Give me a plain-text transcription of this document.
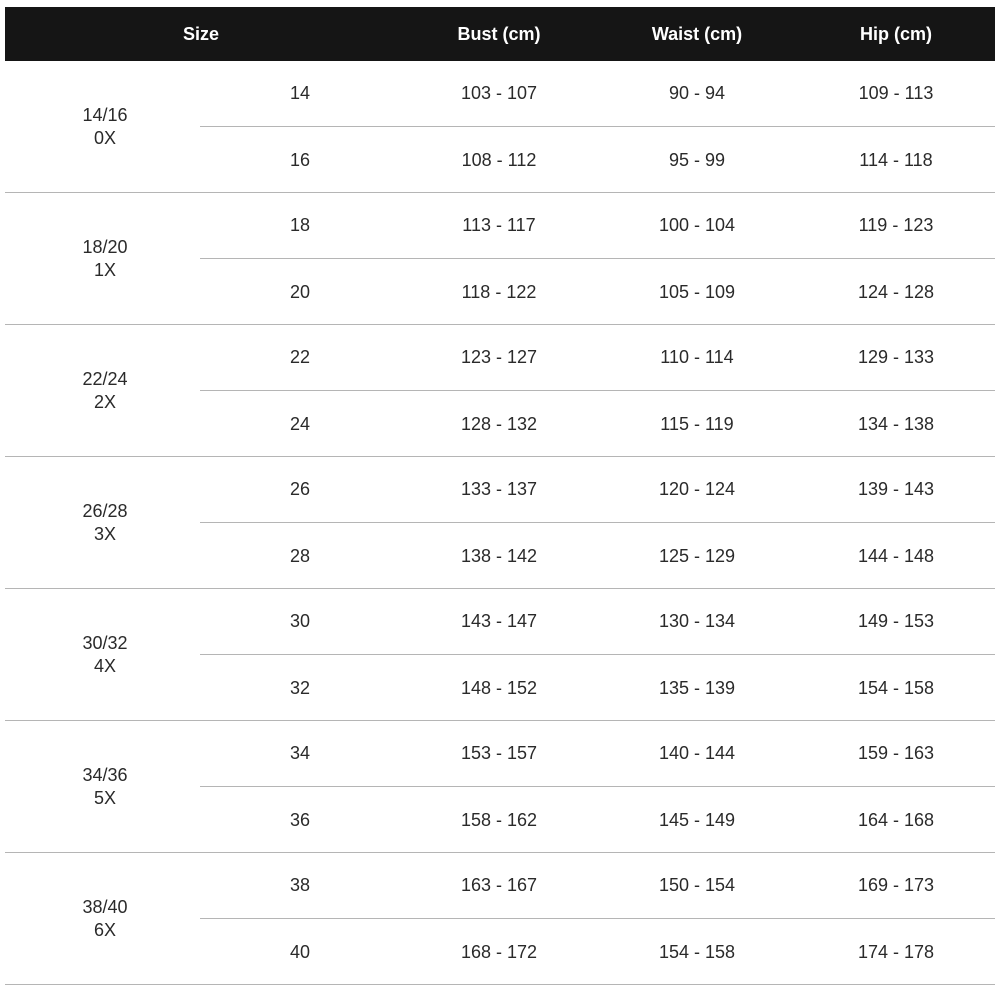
Size	Bust (cm)	Waist (cm)	Hip (cm)
14/16
0X
14	103 - 107	90 - 94	109 - 113
16	108 - 112	95 - 99	114 - 118
18/20
1X
18	113 - 117	100 - 104	119 - 123
20	118 - 122	105 - 109	124 - 128
22/24
2X
22	123 - 127	110 - 114	129 - 133
24	128 - 132	115 - 119	134 - 138
26/28
3X
26	133 - 137	120 - 124	139 - 143
28	138 - 142	125 - 129	144 - 148
30/32
4X
30	143 - 147	130 - 134	149 - 153
32	148 - 152	135 - 139	154 - 158
34/36
5X
34	153 - 157	140 - 144	159 - 163
36	158 - 162	145 - 149	164 - 168
38/40
6X
38	163 - 167	150 - 154	169 - 173
40	168 - 172	154 - 158	174 - 178
